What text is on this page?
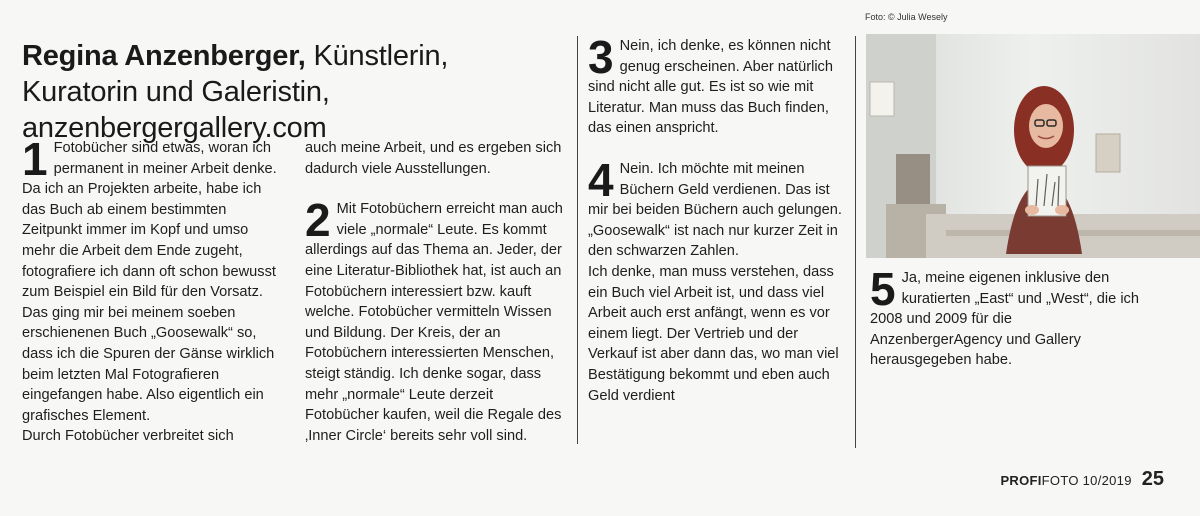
Regina Anzenberger, Künstlerin, Kuratorin und Galeristin, anzenbergergallery.com

1 Fotobücher sind etwas, woran ich permanent in meiner Arbeit denke. Da ich an Projekten arbeite, habe ich das Buch ab einem bestimmten Zeitpunkt immer im Kopf und umso mehr die Arbeit dem Ende zugeht, fotografiere ich dann oft schon bewusst zum Beispiel ein Bild für den Vorsatz. Das ging mir bei meinem soeben erschienenen Buch „Goosewalk“ so, dass ich die Spuren der Gänse wirklich beim letzten Mal Fotografieren eingefangen habe. Also eigentlich ein grafisches Element.

Durch Fotobücher verbreitet sich

auch meine Arbeit, und es ergeben sich dadurch viele Ausstellungen.

2 Mit Fotobüchern erreicht man auch viele „normale“ Leute. Es kommt allerdings auf das Thema an. Jeder, der eine Literatur-Bibliothek hat, ist auch an Fotobüchern interessiert bzw. kauft welche. Fotobücher vermitteln Wissen und Bildung. Der Kreis, der an Fotobüchern interessierten Menschen, steigt ständig. Ich denke sogar, dass mehr „normale“ Leute derzeit Fotobücher kaufen, weil die Regale des ‚Inner Circle‘ bereits sehr voll sind.

3 Nein, ich denke, es können nicht genug erscheinen. Aber natürlich sind nicht alle gut. Es ist so wie mit Literatur. Man muss das Buch finden, das einen anspricht.

4 Nein. Ich möchte mit meinen Büchern Geld verdienen. Das ist mir bei beiden Büchern auch gelungen. „Goosewalk“ ist nach nur kurzer Zeit in den schwarzen Zahlen.

Ich denke, man muss verstehen, dass ein Buch viel Arbeit ist, und dass viel Arbeit auch erst anfängt, wenn es vor einem liegt. Der Vertrieb und der Verkauf ist aber dann das, wo man viel Bestätigung bekommt und eben auch Geld verdient

Foto: © Julia Wesely

5 Ja, meine eigenen inklusive den kuratierten „East“ und „West“, die ich 2008 und 2009 für die AnzenbergerAgency und Gallery herausgegeben habe.

PROFIFOTO 10/2019 25
